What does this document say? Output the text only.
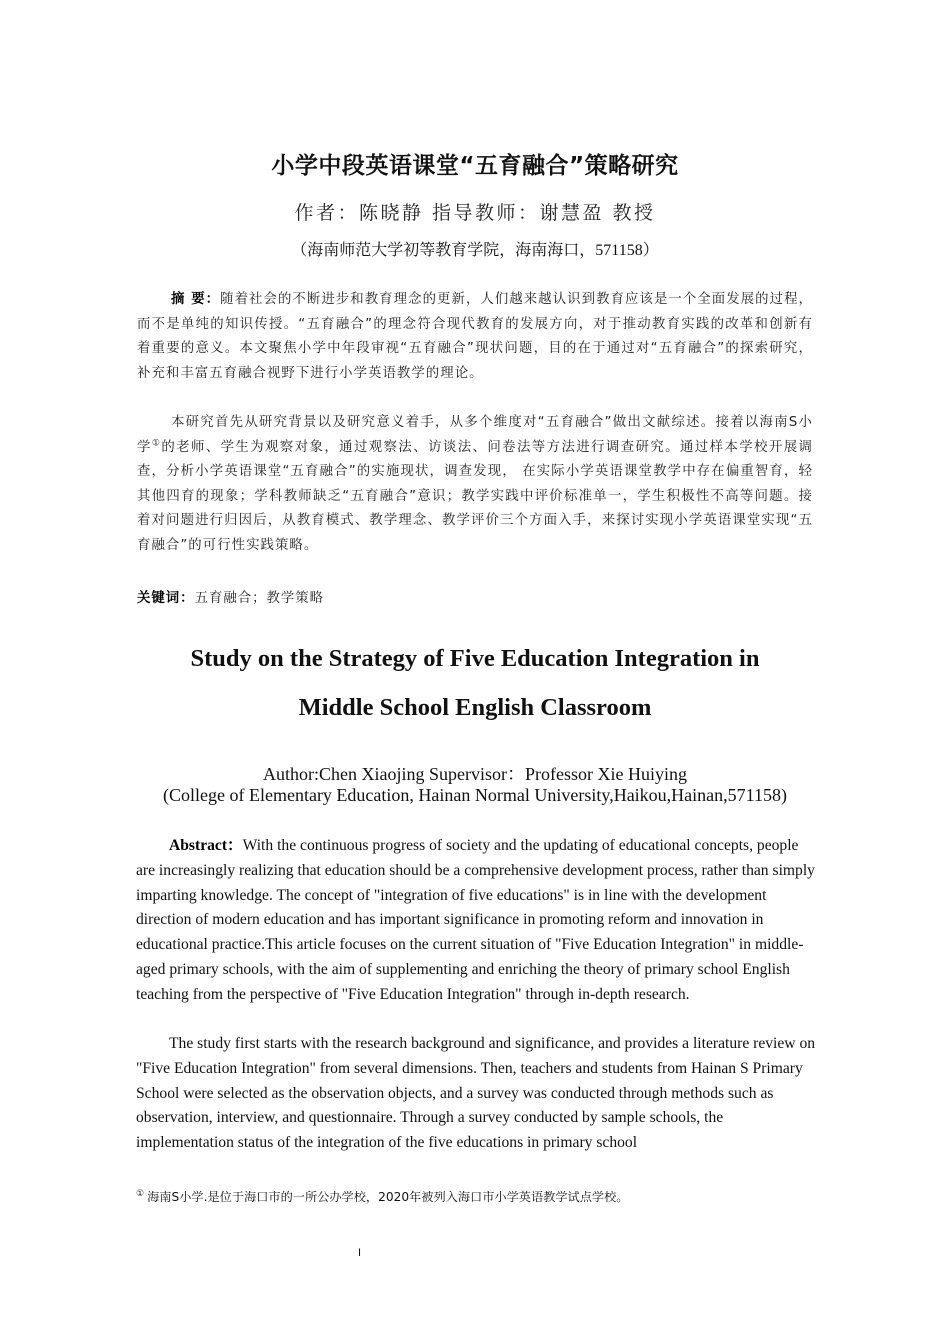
小学中段英语课堂“五育融合”策略研究
作者：陈晓静 指导教师：谢慧盈 教授
（海南师范大学初等教育学院，海南海口，571158）
摘 要：随着社会的不断进步和教育理念的更新，人们越来越认识到教育应该是一个全面发展的过程，而不是单纯的知识传授。“五育融合”的理念符合现代教育的发展方向，对于推动教育实践的改革和创新有着重要的意义。本文聚焦小学中年段审视“五育融合”现状问题，目的在于通过对“五育融合”的探索研究，补充和丰富五育融合视野下进行小学英语教学的理论。
本研究首先从研究背景以及研究意义着手，从多个维度对“五育融合”做出文献综述。接着以海南S小学①的老师、学生为观察对象，通过观察法、访谈法、问卷法等方法进行调查研究。通过样本学校开展调查，分析小学英语课堂“五育融合”的实施现状，调查发现， 在实际小学英语课堂教学中存在偏重智育，轻其他四育的现象；学科教师缺乏“五育融合”意识；教学实践中评价标准单一，学生积极性不高等问题。接着对问题进行归因后，从教育模式、教学理念、教学评价三个方面入手，来探讨实现小学英语课堂实现“五育融合”的可行性实践策略。
关键词：五育融合；教学策略
Study on the Strategy of Five Education Integration in
Middle School English Classroom
Author:Chen Xiaojing Supervisor：Professor Xie Huiying
(College of Elementary Education, Hainan Normal University,Haikou,Hainan,571158)
Abstract：With the continuous progress of society and the updating of educational concepts, people are increasingly realizing that education should be a comprehensive development process, rather than simply imparting knowledge. The concept of "integration of five educations" is in line with the development direction of modern education and has important significance in promoting reform and innovation in educational practice.This article focuses on the current situation of "Five Education Integration" in middle-aged primary schools, with the aim of supplementing and enriching the theory of primary school English teaching from the perspective of "Five Education Integration" through in-depth research.
The study first starts with the research background and significance, and provides a literature review on "Five Education Integration" from several dimensions. Then, teachers and students from Hainan S Primary School were selected as the observation objects, and a survey was conducted through methods such as observation, interview, and questionnaire. Through a survey conducted by sample schools, the implementation status of the integration of the five educations in primary school
① 海南S小学.是位于海口市的一所公办学校，2020年被列入海口市小学英语教学试点学校。
I
